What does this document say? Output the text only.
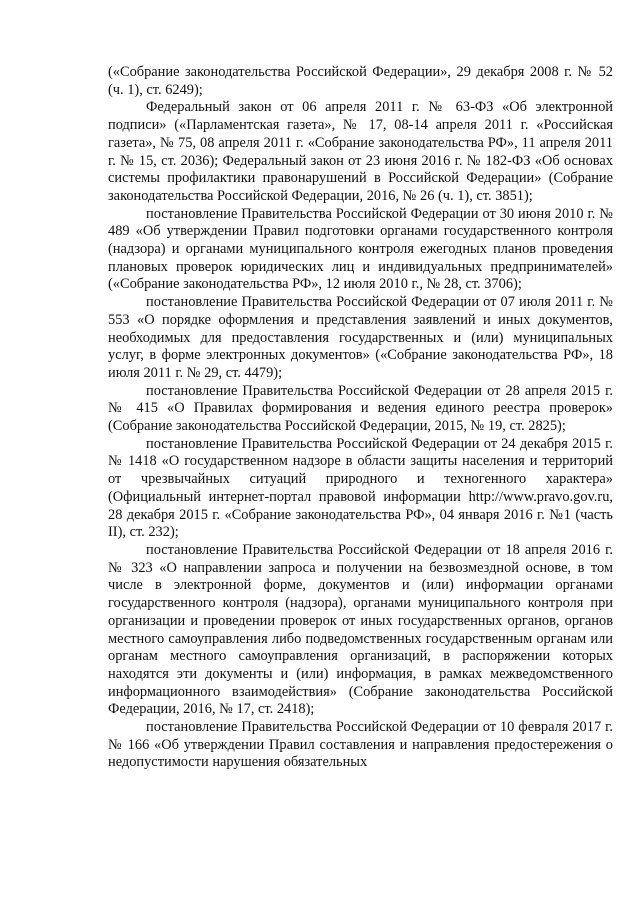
(«Собрание законодательства Российской Федерации», 29 декабря 2008 г. № 52 (ч. 1), ст. 6249);

Федеральный закон от 06 апреля 2011 г. № 63-ФЗ «Об электронной подписи» («Парламентская газета», № 17, 08-14 апреля 2011 г. «Российская газета», № 75, 08 апреля 2011 г. «Собрание законодательства РФ», 11 апреля 2011 г. № 15, ст. 2036); Федеральный закон от 23 июня 2016 г. № 182-ФЗ «Об основах системы профилактики правонарушений в Российской Федерации» (Собрание законодательства Российской Федерации, 2016, № 26 (ч. 1), ст. 3851);

постановление Правительства Российской Федерации от 30 июня 2010 г. № 489 «Об утверждении Правил подготовки органами государственного контроля (надзора) и органами муниципального контроля ежегодных планов проведения плановых проверок юридических лиц и индивидуальных предпринимателей» («Собрание законодательства РФ», 12 июля 2010 г., № 28, ст. 3706);

постановление Правительства Российской Федерации от 07 июля 2011 г. № 553 «О порядке оформления и представления заявлений и иных документов, необходимых для предоставления государственных и (или) муниципальных услуг, в форме электронных документов» («Собрание законодательства РФ», 18 июля 2011 г. № 29, ст. 4479);

постановление Правительства Российской Федерации от 28 апреля 2015 г. № 415 «О Правилах формирования и ведения единого реестра проверок» (Собрание законодательства Российской Федерации, 2015, № 19, ст. 2825);

постановление Правительства Российской Федерации от 24 декабря 2015 г. № 1418 «О государственном надзоре в области защиты населения и территорий от чрезвычайных ситуаций природного и техногенного характера» (Официальный интернет-портал правовой информации http://www.pravo.gov.ru, 28 декабря 2015 г. «Собрание законодательства РФ», 04 января 2016 г. №1 (часть II), ст. 232);

постановление Правительства Российской Федерации от 18 апреля 2016 г. № 323 «О направлении запроса и получении на безвозмездной основе, в том числе в электронной форме, документов и (или) информации органами государственного контроля (надзора), органами муниципального контроля при организации и проведении проверок от иных государственных органов, органов местного самоуправления либо подведомственных государственным органам или органам местного самоуправления организаций, в распоряжении которых находятся эти документы и (или) информация, в рамках межведомственного информационного взаимодействия» (Собрание законодательства Российской Федерации, 2016, № 17, ст. 2418);

постановление Правительства Российской Федерации от 10 февраля 2017 г. № 166 «Об утверждении Правил составления и направления предостережения о недопустимости нарушения обязательных
